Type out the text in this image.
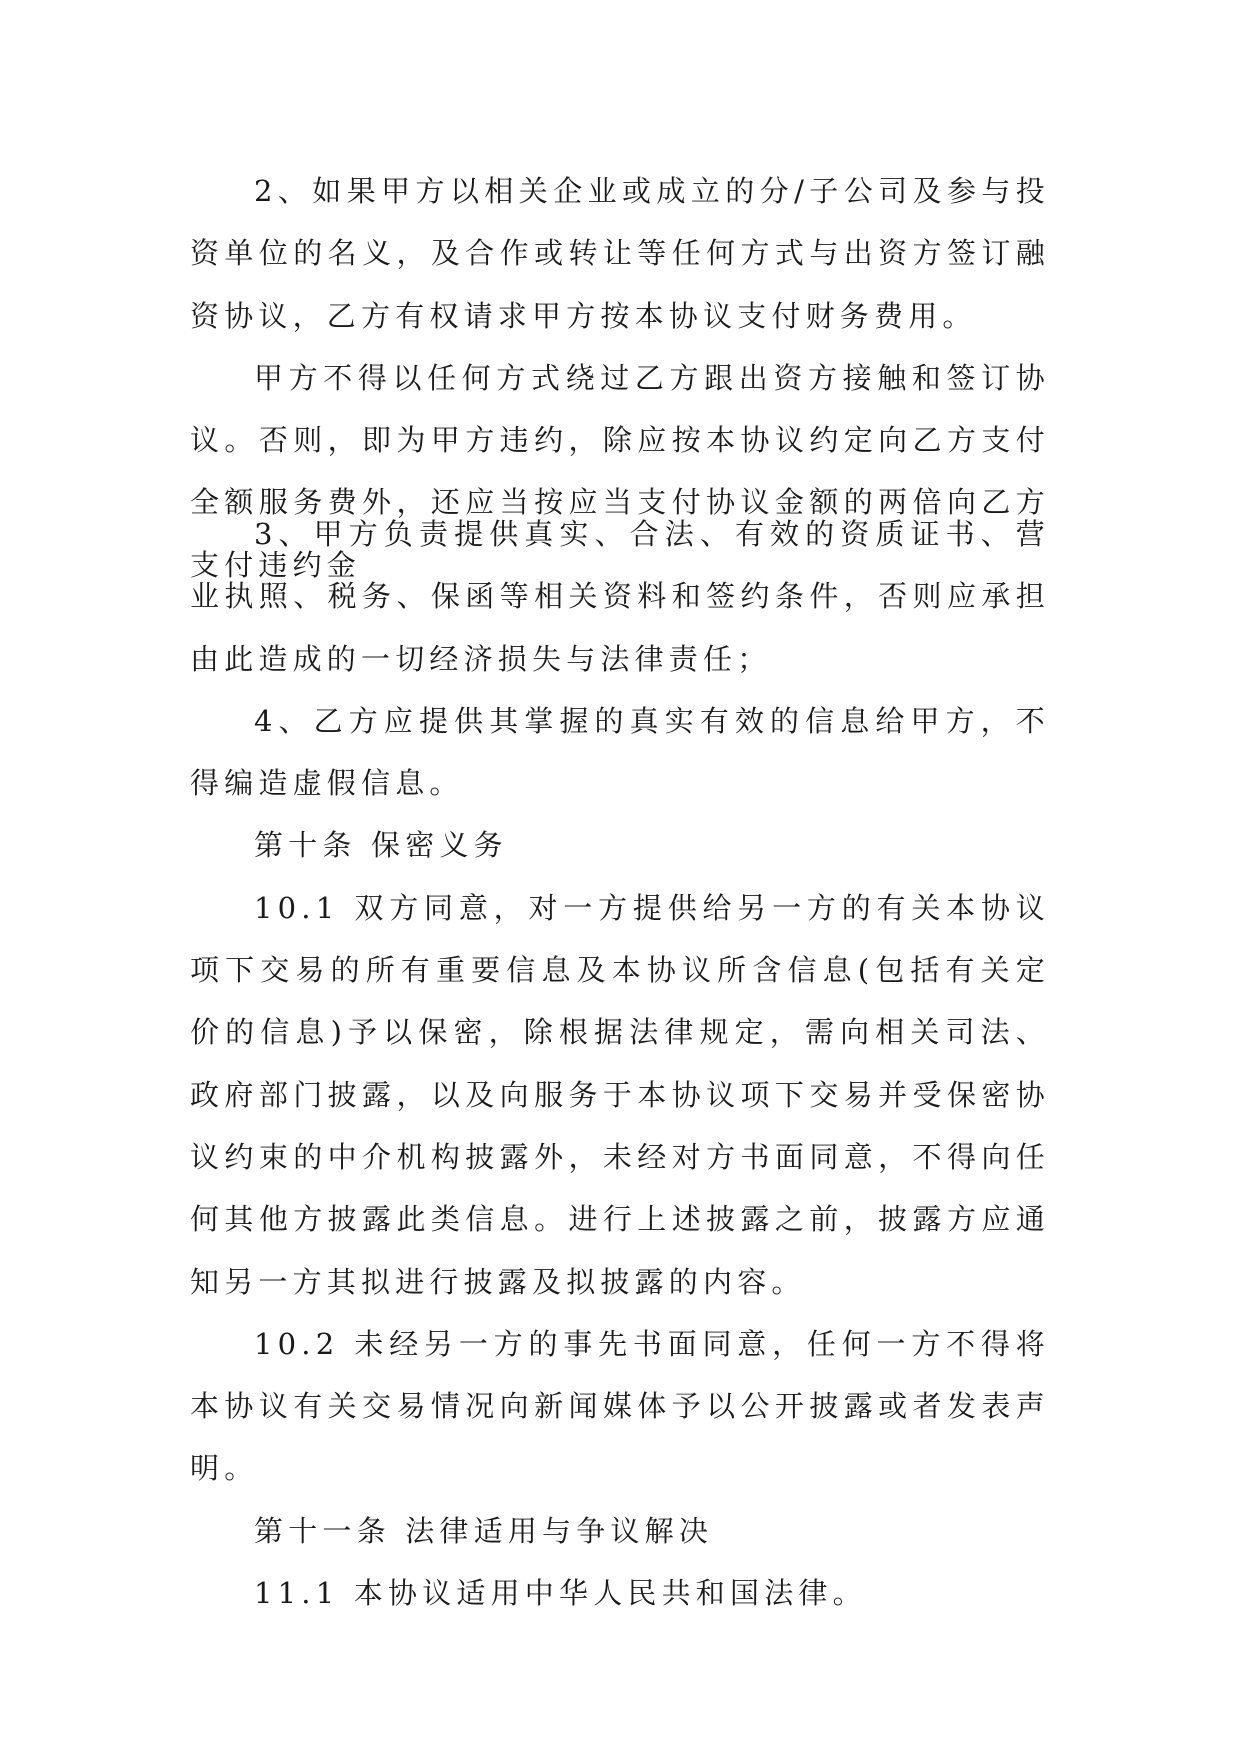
2、如果甲方以相关企业或成立的分/子公司及参与投资单位的名义，及合作或转让等任何方式与出资方签订融资协议，乙方有权请求甲方按本协议支付财务费用。

甲方不得以任何方式绕过乙方跟出资方接触和签订协议。否则，即为甲方违约，除应按本协议约定向乙方支付全额服务费外，还应当按应当支付协议金额的两倍向乙方支付违约金

3、甲方负责提供真实、合法、有效的资质证书、营业执照、税务、保函等相关资料和签约条件，否则应承担由此造成的一切经济损失与法律责任；

4、乙方应提供其掌握的真实有效的信息给甲方，不得编造虚假信息。

第十条 保密义务

10.1 双方同意，对一方提供给另一方的有关本协议项下交易的所有重要信息及本协议所含信息(包括有关定价的信息)予以保密，除根据法律规定，需向相关司法、政府部门披露，以及向服务于本协议项下交易并受保密协议约束的中介机构披露外，未经对方书面同意，不得向任何其他方披露此类信息。进行上述披露之前，披露方应通知另一方其拟进行披露及拟披露的内容。

10.2 未经另一方的事先书面同意，任何一方不得将本协议有关交易情况向新闻媒体予以公开披露或者发表声明。

第十一条 法律适用与争议解决

11.1 本协议适用中华人民共和国法律。
